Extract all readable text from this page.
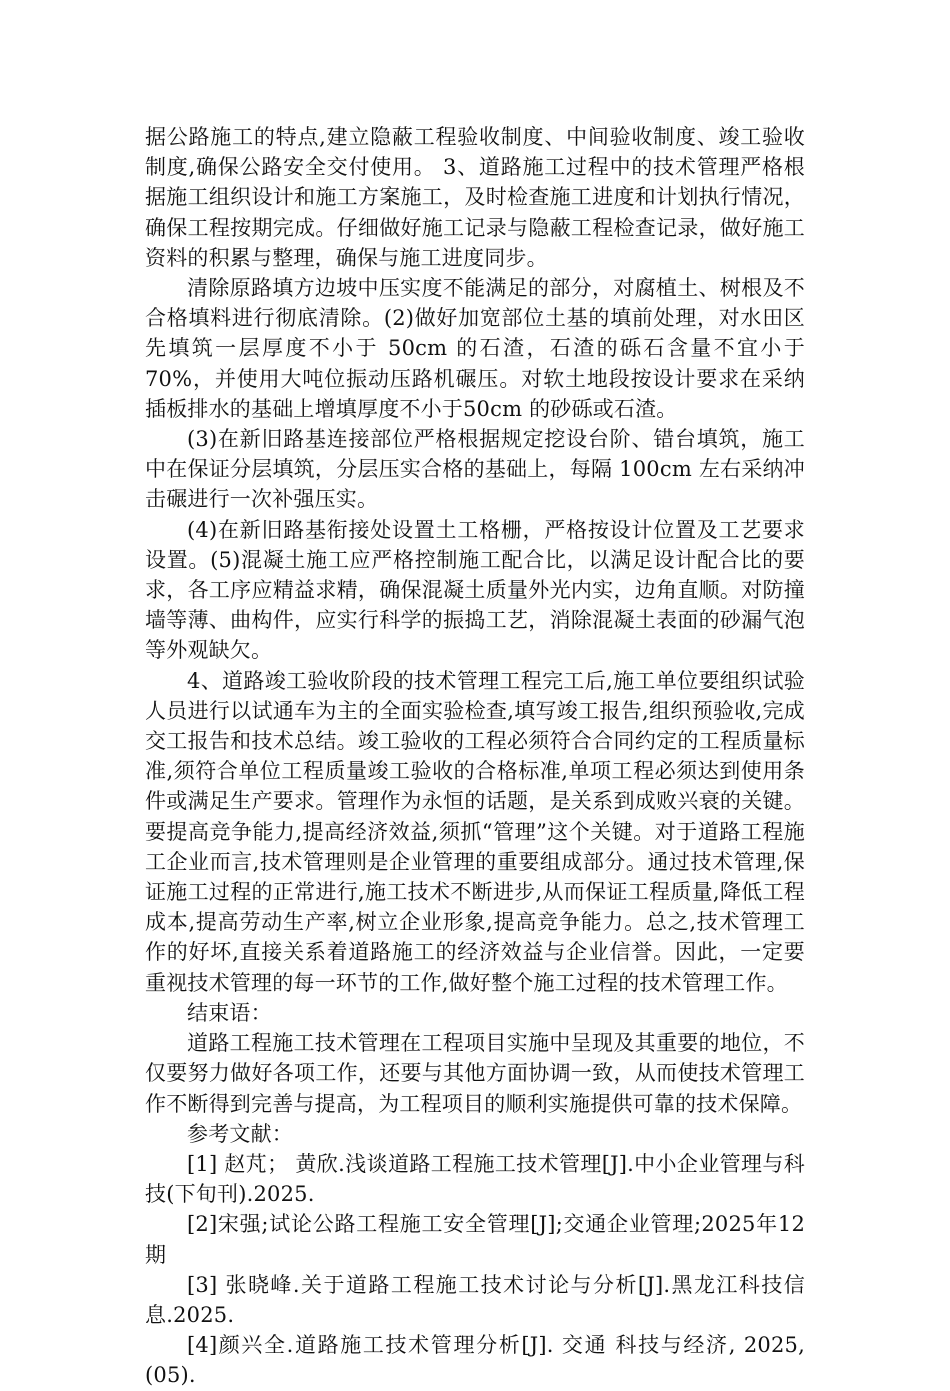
据公路施工的特点,建立隐蔽工程验收制度、中间验收制度、竣工验收制度,确保公路安全交付使用。 3、道路施工过程中的技术管理严格根据施工组织设计和施工方案施工，及时检查施工进度和计划执行情况，确保工程按期完成。仔细做好施工记录与隐蔽工程检查记录，做好施工资料的积累与整理，确保与施工进度同步。

清除原路填方边坡中压实度不能满足的部分，对腐植土、树根及不合格填料进行彻底清除。(2)做好加宽部位土基的填前处理，对水田区先填筑一层厚度不小于 50cm 的石渣，石渣的砾石含量不宜小于 70%，并使用大吨位振动压路机碾压。对软土地段按设计要求在采纳插板排水的基础上增填厚度不小于50cm 的砂砾或石渣。

(3)在新旧路基连接部位严格根据规定挖设台阶、错台填筑，施工中在保证分层填筑，分层压实合格的基础上，每隔 100cm 左右采纳冲击碾进行一次补强压实。

(4)在新旧路基衔接处设置土工格栅，严格按设计位置及工艺要求设置。(5)混凝土施工应严格控制施工配合比，以满足设计配合比的要求，各工序应精益求精，确保混凝土质量外光内实，边角直顺。对防撞墙等薄、曲构件，应实行科学的振捣工艺，消除混凝土表面的砂漏气泡等外观缺欠。

4、道路竣工验收阶段的技术管理工程完工后,施工单位要组织试验人员进行以试通车为主的全面实验检查,填写竣工报告,组织预验收,完成交工报告和技术总结。竣工验收的工程必须符合合同约定的工程质量标准,须符合单位工程质量竣工验收的合格标准,单项工程必须达到使用条件或满足生产要求。管理作为永恒的话题，是关系到成败兴衰的关键。要提高竞争能力,提高经济效益,须抓“管理”这个关键。对于道路工程施工企业而言,技术管理则是企业管理的重要组成部分。通过技术管理,保证施工过程的正常进行,施工技术不断进步,从而保证工程质量,降低工程成本,提高劳动生产率,树立企业形象,提高竞争能力。总之,技术管理工作的好坏,直接关系着道路施工的经济效益与企业信誉。因此，一定要重视技术管理的每一环节的工作,做好整个施工过程的技术管理工作。

结束语：

道路工程施工技术管理在工程项目实施中呈现及其重要的地位，不仅要努力做好各项工作，还要与其他方面协调一致，从而使技术管理工作不断得到完善与提高，为工程项目的顺利实施提供可靠的技术保障。

参考文献：

[1] 赵芃； 黄欣.浅谈道路工程施工技术管理[J].中小企业管理与科技(下旬刊).2025.

[2]宋强;试论公路工程施工安全管理[J];交通企业管理;2025年12期

[3] 张晓峰.关于道路工程施工技术讨论与分析[J].黑龙江科技信息.2025.

[4]颜兴全.道路施工技术管理分析[J]. 交通 科技与经济, 2025,(05).
